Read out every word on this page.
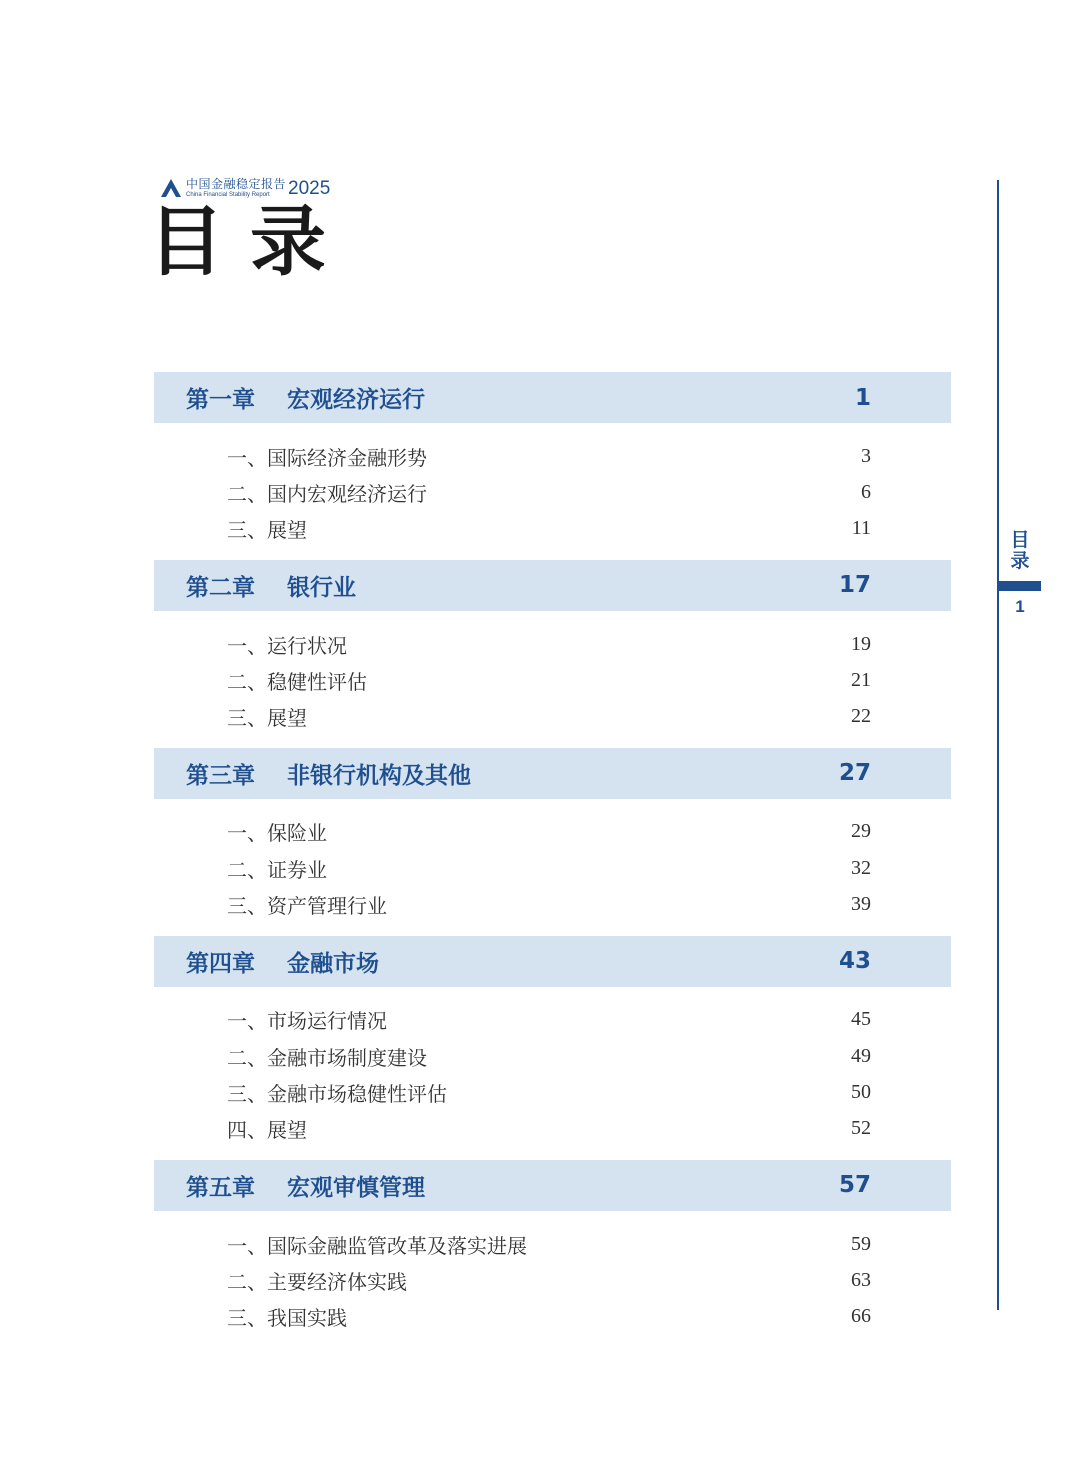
中国金融稳定报告
China Financial Stability Report 2025
目录
第一章	宏观经济运行	1
一、国际经济金融形势	3
二、国内宏观经济运行	6
三、展望	11
第二章	银行业	17
一、运行状况	19
二、稳健性评估	21
三、展望	22
第三章	非银行机构及其他	27
一、保险业	29
二、证券业	32
三、资产管理行业	39
第四章	金融市场	43
一、市场运行情况	45
二、金融市场制度建设	49
三、金融市场稳健性评估	50
四、展望	52
第五章	宏观审慎管理	57
一、国际金融监管改革及落实进展	59
二、主要经济体实践	63
三、我国实践	66
目
录
1
